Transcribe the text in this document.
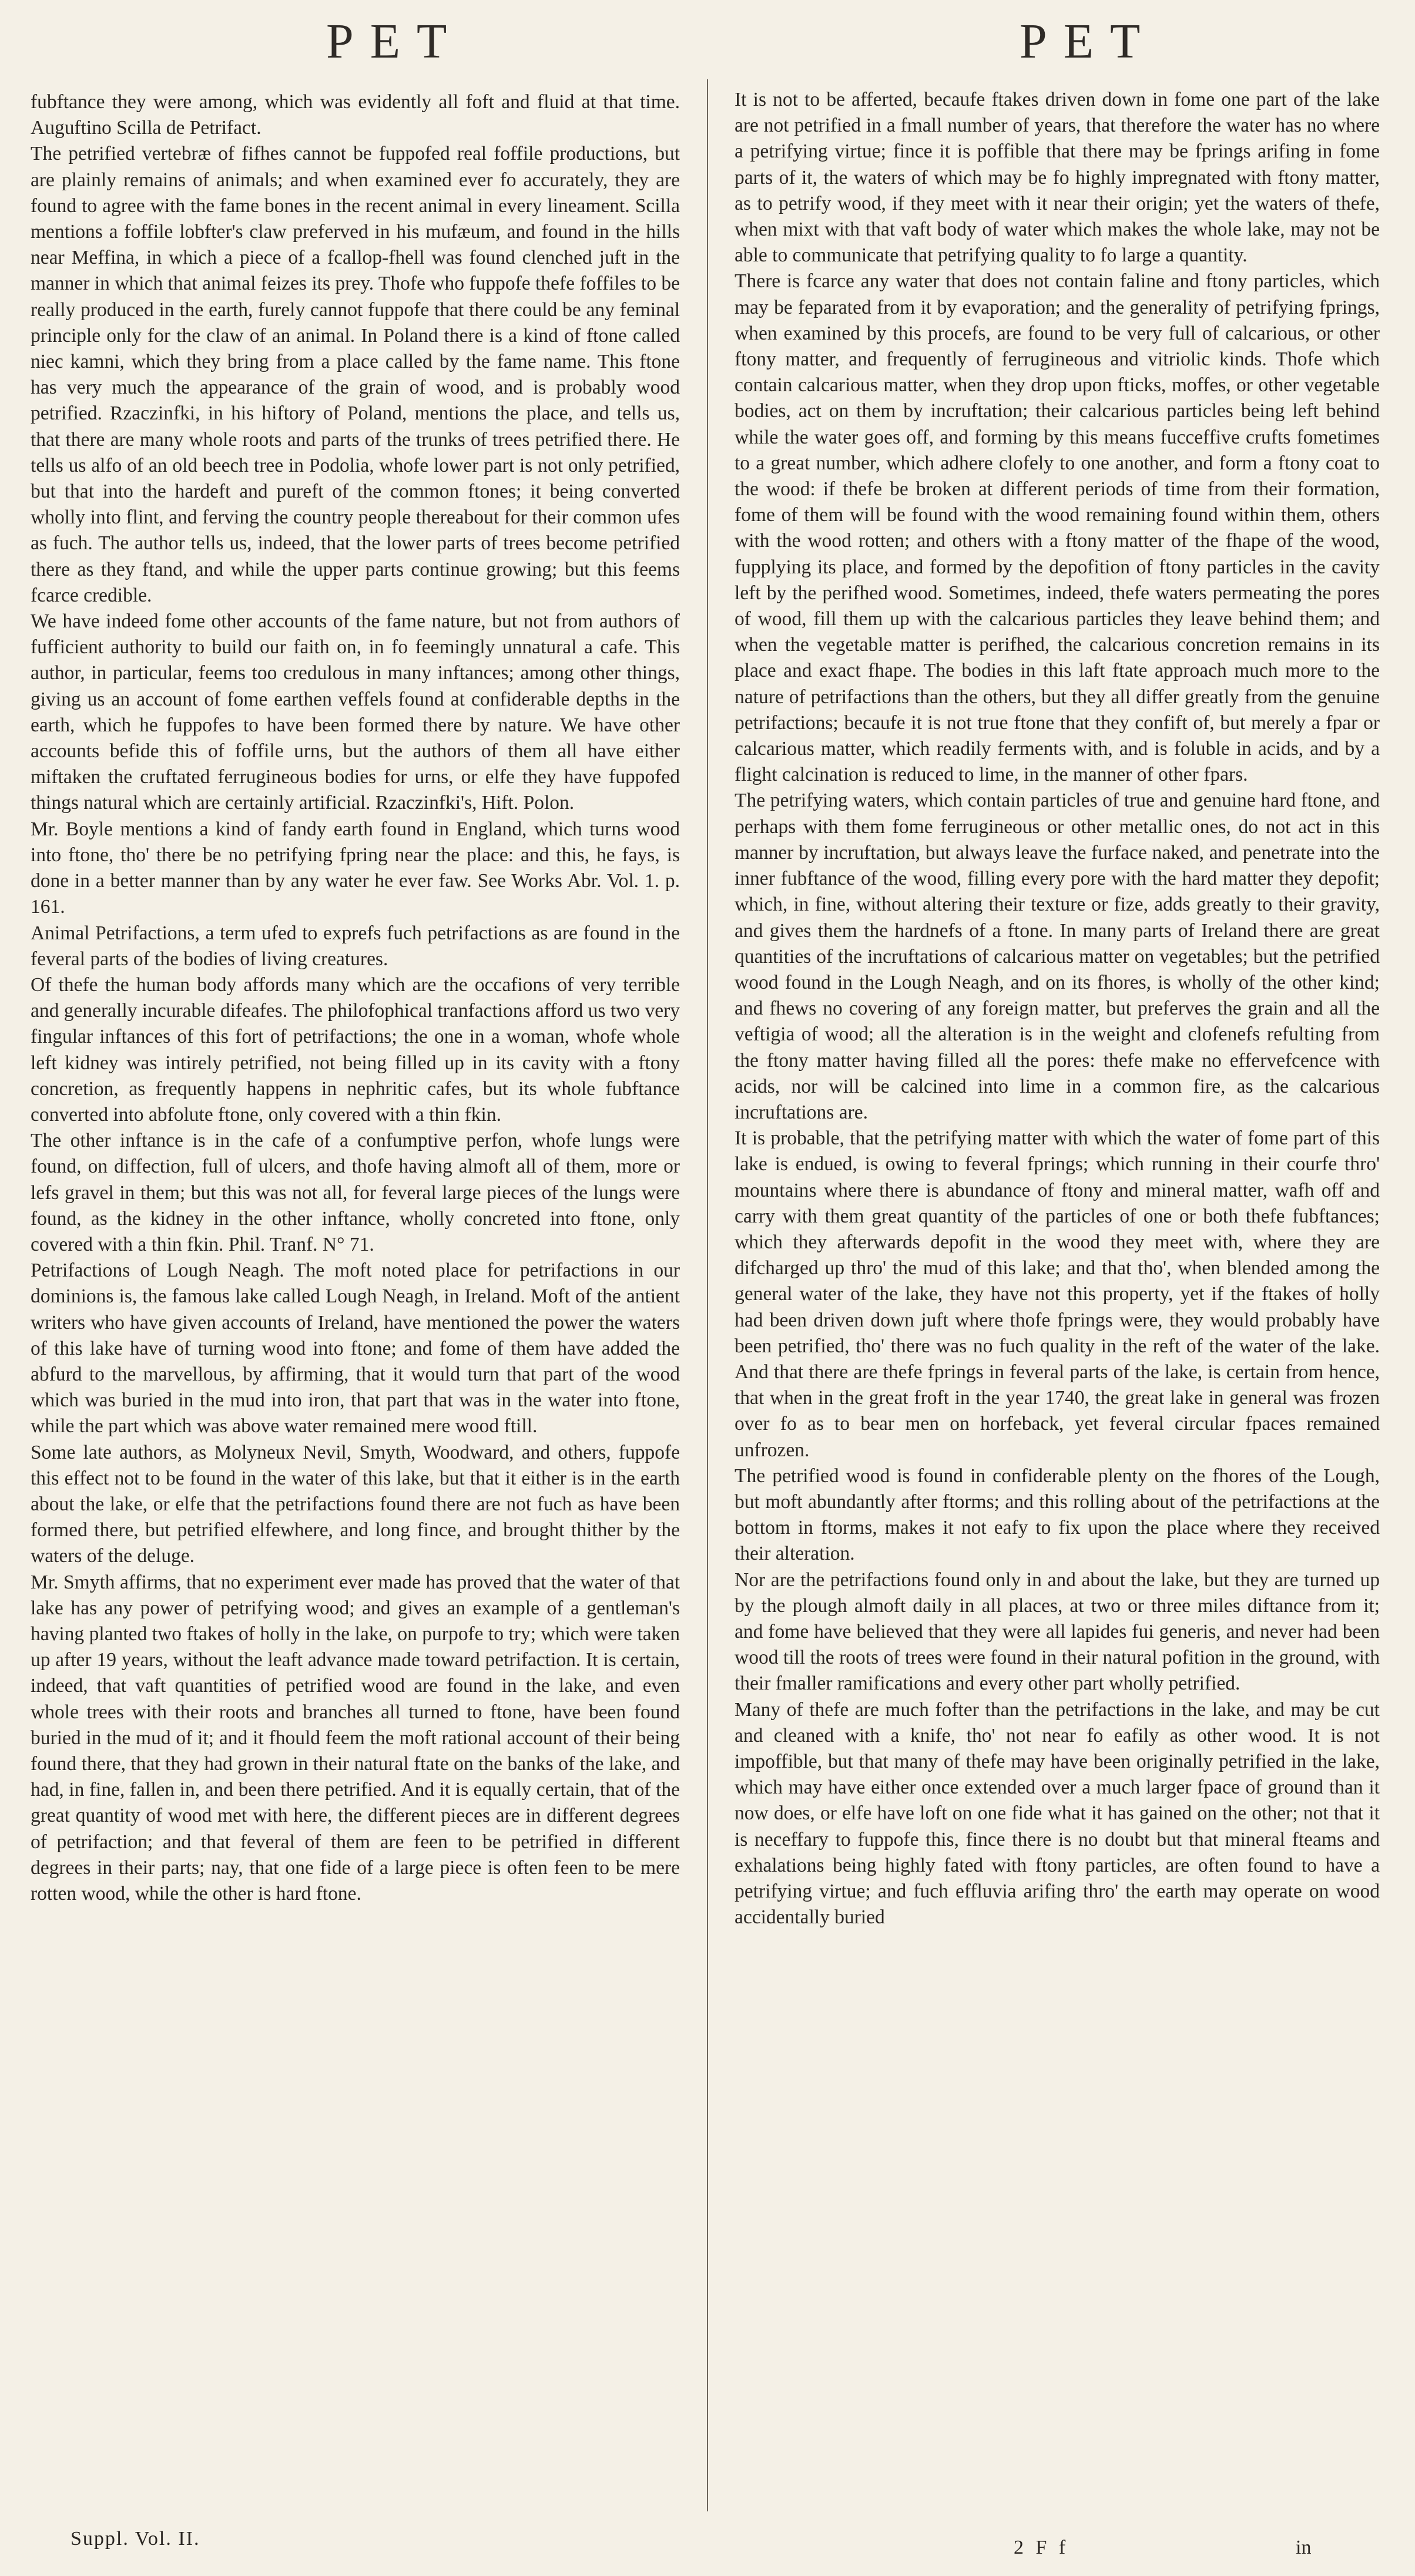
PET	PET

fubftance they were among, which was evidently all foft and fluid at that time. Auguftino Scilla de Petrifact.

The petrified vertebræ of fifhes cannot be fuppofed real foffile productions, but are plainly remains of animals; and when examined ever fo accurately, they are found to agree with the fame bones in the recent animal in every lineament. Scilla mentions a foffile lobfter's claw preferved in his mufæum, and found in the hills near Meffina, in which a piece of a fcallop-fhell was found clenched juft in the manner in which that animal feizes its prey. Thofe who fuppofe thefe foffiles to be really produced in the earth, furely cannot fuppofe that there could be any feminal principle only for the claw of an animal. In Poland there is a kind of ftone called niec kamni, which they bring from a place called by the fame name. This ftone has very much the appearance of the grain of wood, and is probably wood petrified. Rzaczinfki, in his hiftory of Poland, mentions the place, and tells us, that there are many whole roots and parts of the trunks of trees petrified there. He tells us alfo of an old beech tree in Podolia, whofe lower part is not only petrified, but that into the hardeft and pureft of the common ftones; it being converted wholly into flint, and ferving the country people thereabout for their common ufes as fuch. The author tells us, indeed, that the lower parts of trees become petrified there as they ftand, and while the upper parts continue growing; but this feems fcarce credible.

We have indeed fome other accounts of the fame nature, but not from authors of fufficient authority to build our faith on, in fo feemingly unnatural a cafe. This author, in particular, feems too credulous in many inftances; among other things, giving us an account of fome earthen veffels found at confiderable depths in the earth, which he fuppofes to have been formed there by nature. We have other accounts befide this of foffile urns, but the authors of them all have either miftaken the cruftated ferrugineous bodies for urns, or elfe they have fuppofed things natural which are certainly artificial. Rzaczinfki's, Hift. Polon.

Mr. Boyle mentions a kind of fandy earth found in England, which turns wood into ftone, tho' there be no petrifying fpring near the place: and this, he fays, is done in a better manner than by any water he ever faw. See Works Abr. Vol. 1. p. 161.

Animal Petrifactions, a term ufed to exprefs fuch petrifactions as are found in the feveral parts of the bodies of living creatures.

Of thefe the human body affords many which are the occafions of very terrible and generally incurable difeafes. The philofophical tranfactions afford us two very fingular inftances of this fort of petrifactions; the one in a woman, whofe whole left kidney was intirely petrified, not being filled up in its cavity with a ftony concretion, as frequently happens in nephritic cafes, but its whole fubftance converted into abfolute ftone, only covered with a thin fkin.

The other inftance is in the cafe of a confumptive perfon, whofe lungs were found, on diffection, full of ulcers, and thofe having almoft all of them, more or lefs gravel in them; but this was not all, for feveral large pieces of the lungs were found, as the kidney in the other inftance, wholly concreted into ftone, only covered with a thin fkin. Phil. Tranf. N° 71.

Petrifactions of Lough Neagh. The moft noted place for petrifactions in our dominions is, the famous lake called Lough Neagh, in Ireland. Moft of the antient writers who have given accounts of Ireland, have mentioned the power the waters of this lake have of turning wood into ftone; and fome of them have added the abfurd to the marvellous, by affirming, that it would turn that part of the wood which was buried in the mud into iron, that part that was in the water into ftone, while the part which was above water remained mere wood ftill.

Some late authors, as Molyneux Nevil, Smyth, Woodward, and others, fuppofe this effect not to be found in the water of this lake, but that it either is in the earth about the lake, or elfe that the petrifactions found there are not fuch as have been formed there, but petrified elfewhere, and long fince, and brought thither by the waters of the deluge.

Mr. Smyth affirms, that no experiment ever made has proved that the water of that lake has any power of petrifying wood; and gives an example of a gentleman's having planted two ftakes of holly in the lake, on purpofe to try; which were taken up after 19 years, without the leaft advance made toward petrifaction. It is certain, indeed, that vaft quantities of petrified wood are found in the lake, and even whole trees with their roots and branches all turned to ftone, have been found buried in the mud of it; and it fhould feem the moft rational account of their being found there, that they had grown in their natural ftate on the banks of the lake, and had, in fine, fallen in, and been there petrified. And it is equally certain, that of the great quantity of wood met with here, the different pieces are in different degrees of petrifaction; and that feveral of them are feen to be petrified in different degrees in their parts; nay, that one fide of a large piece is often feen to be mere rotten wood, while the other is hard ftone.

It is not to be afferted, becaufe ftakes driven down in fome one part of the lake are not petrified in a fmall number of years, that therefore the water has no where a petrifying virtue; fince it is poffible that there may be fprings arifing in fome parts of it, the waters of which may be fo highly impregnated with ftony matter, as to petrify wood, if they meet with it near their origin; yet the waters of thefe, when mixt with that vaft body of water which makes the whole lake, may not be able to communicate that petrifying quality to fo large a quantity.

There is fcarce any water that does not contain faline and ftony particles, which may be feparated from it by evaporation; and the generality of petrifying fprings, when examined by this procefs, are found to be very full of calcarious, or other ftony matter, and frequently of ferrugineous and vitriolic kinds. Thofe which contain calcarious matter, when they drop upon fticks, moffes, or other vegetable bodies, act on them by incruftation; their calcarious particles being left behind while the water goes off, and forming by this means fucceffive crufts fometimes to a great number, which adhere clofely to one another, and form a ftony coat to the wood: if thefe be broken at different periods of time from their formation, fome of them will be found with the wood remaining found within them, others with the wood rotten; and others with a ftony matter of the fhape of the wood, fupplying its place, and formed by the depofition of ftony particles in the cavity left by the perifhed wood. Sometimes, indeed, thefe waters permeating the pores of wood, fill them up with the calcarious particles they leave behind them; and when the vegetable matter is perifhed, the calcarious concretion remains in its place and exact fhape. The bodies in this laft ftate approach much more to the nature of petrifactions than the others, but they all differ greatly from the genuine petrifactions; becaufe it is not true ftone that they confift of, but merely a fpar or calcarious matter, which readily ferments with, and is foluble in acids, and by a flight calcination is reduced to lime, in the manner of other fpars.

The petrifying waters, which contain particles of true and genuine hard ftone, and perhaps with them fome ferrugineous or other metallic ones, do not act in this manner by incruftation, but always leave the furface naked, and penetrate into the inner fubftance of the wood, filling every pore with the hard matter they depofit; which, in fine, without altering their texture or fize, adds greatly to their gravity, and gives them the hardnefs of a ftone. In many parts of Ireland there are great quantities of the incruftations of calcarious matter on vegetables; but the petrified wood found in the Lough Neagh, and on its fhores, is wholly of the other kind; and fhews no covering of any foreign matter, but preferves the grain and all the veftigia of wood; all the alteration is in the weight and clofenefs refulting from the ftony matter having filled all the pores: thefe make no effervefcence with acids, nor will be calcined into lime in a common fire, as the calcarious incruftations are.

It is probable, that the petrifying matter with which the water of fome part of this lake is endued, is owing to feveral fprings; which running in their courfe thro' mountains where there is abundance of ftony and mineral matter, wafh off and carry with them great quantity of the particles of one or both thefe fubftances; which they afterwards depofit in the wood they meet with, where they are difcharged up thro' the mud of this lake; and that tho', when blended among the general water of the lake, they have not this property, yet if the ftakes of holly had been driven down juft where thofe fprings were, they would probably have been petrified, tho' there was no fuch quality in the reft of the water of the lake. And that there are thefe fprings in feveral parts of the lake, is certain from hence, that when in the great froft in the year 1740, the great lake in general was frozen over fo as to bear men on horfeback, yet feveral circular fpaces remained unfrozen.

The petrified wood is found in confiderable plenty on the fhores of the Lough, but moft abundantly after ftorms; and this rolling about of the petrifactions at the bottom in ftorms, makes it not eafy to fix upon the place where they received their alteration.

Nor are the petrifactions found only in and about the lake, but they are turned up by the plough almoft daily in all places, at two or three miles diftance from it; and fome have believed that they were all lapides fui generis, and never had been wood till the roots of trees were found in their natural pofition in the ground, with their fmaller ramifications and every other part wholly petrified.

Many of thefe are much fofter than the petrifactions in the lake, and may be cut and cleaned with a knife, tho' not near fo eafily as other wood. It is not impoffible, but that many of thefe may have been originally petrified in the lake, which may have either once extended over a much larger fpace of ground than it now does, or elfe have loft on one fide what it has gained on the other; not that it is neceffary to fuppofe this, fince there is no doubt but that mineral fteams and exhalations being highly fated with ftony particles, are often found to have a petrifying virtue; and fuch effluvia arifing thro' the earth may operate on wood accidentally buried

Suppl. Vol. II.	2 F f	in
